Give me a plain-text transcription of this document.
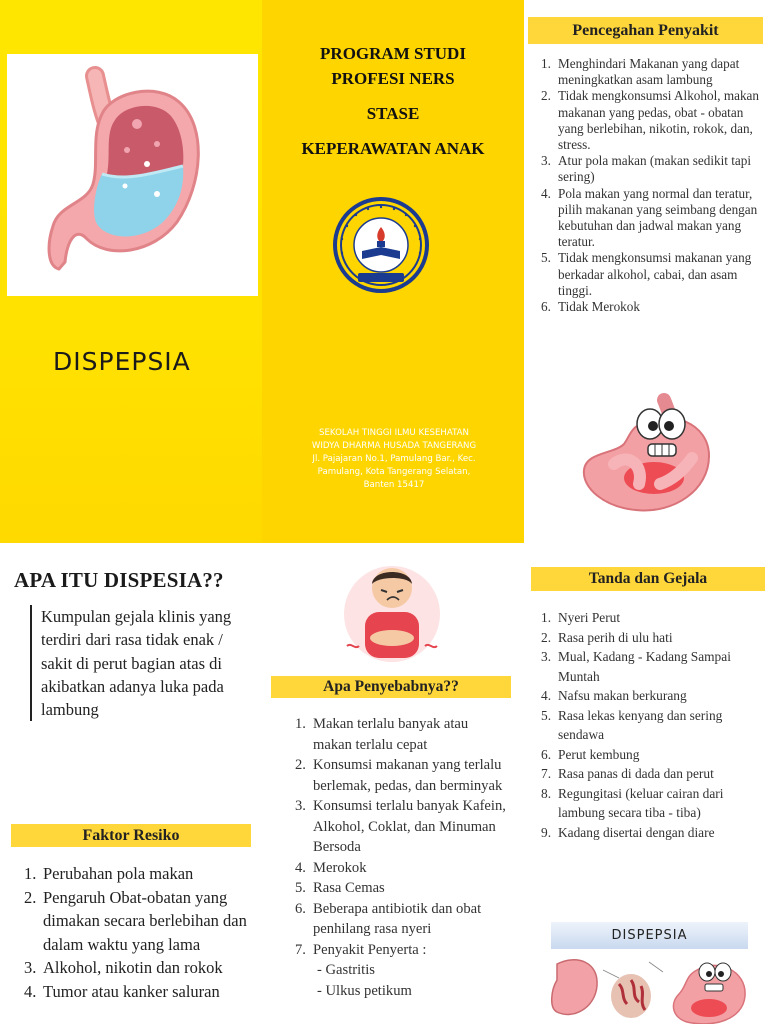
DISPEPSIA
PROGRAM STUDI
PROFESI NERS
STASE
KEPERAWATAN ANAK
SEKOLAH TINGGI ILMU KESEHATAN
WIDYA DHARMA HUSADA TANGERANG
Jl. Pajajaran No.1, Pamulang Bar., Kec.
Pamulang, Kota Tangerang Selatan,
Banten 15417
Pencegahan Penyakit
1. Menghindari Makanan yang dapat meningkatkan asam lambung
2. Tidak mengkonsumsi Alkohol, makan makanan yang pedas, obat - obatan yang berlebihan, nikotin, rokok, dan, stress.
3. Atur pola makan (makan sedikit tapi sering)
4. Pola makan yang normal dan teratur, pilih makanan yang seimbang dengan kebutuhan dan jadwal makan yang teratur.
5. Tidak mengkonsumsi makanan yang berkadar alkohol, cabai, dan asam tinggi.
6. Tidak Merokok
APA ITU DISPESIA??
Kumpulan gejala klinis yang terdiri dari rasa tidak enak / sakit di perut bagian atas di akibatkan adanya luka pada lambung
Faktor Resiko
1. Perubahan pola makan
2. Pengaruh Obat-obatan yang dimakan secara berlebihan dan dalam waktu yang lama
3. Alkohol, nikotin dan rokok
4. Tumor atau kanker saluran
Apa Penyebabnya??
1. Makan terlalu banyak atau makan terlalu cepat
2. Konsumsi makanan yang terlalu berlemak, pedas, dan berminyak
3. Konsumsi terlalu banyak Kafein, Alkohol, Coklat, dan Minuman Bersoda
4. Merokok
5. Rasa Cemas
6. Beberapa antibiotik dan obat penhilang rasa nyeri
7. Penyakit Penyerta :
- Gastritis
- Ulkus petikum
Tanda dan Gejala
1. Nyeri Perut
2. Rasa perih di ulu hati
3. Mual, Kadang - Kadang Sampai Muntah
4. Nafsu makan berkurang
5. Rasa lekas kenyang dan sering sendawa
6. Perut kembung
7. Rasa panas di dada dan perut
8. Regungitasi (keluar cairan dari lambung secara tiba - tiba)
9. Kadang disertai dengan diare
DISPEPSIA
